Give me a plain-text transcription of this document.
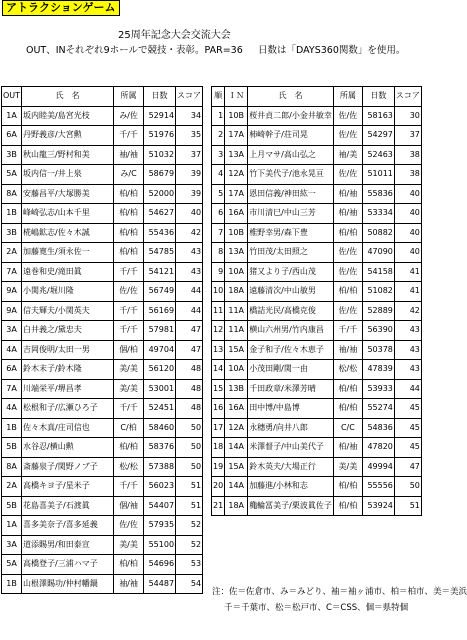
アトラクションゲーム
25周年記念大会交流大会
OUT、INそれぞれ9ホールで競技・表彰。PAR=36 日数は「DAYS360関数」を使用。
OUT	氏　名	所属	日数	スコア
1A	坂内睦美/島宮光枝	み/佐	52914	34
6A	丹野義彦/大宮勲	千/千	51976	35
3B	秋山龍三/野村和美	袖/袖	51032	37
5A	坂内信一/井上泉	み/C	58679	39
8A	安藤昌平/大塚勝美	柏/柏	52000	39
1B	峰崎弘志/山本千里	柏/柏	54627	40
3B	椛嶋鉱志/佐々木誠	柏/柏	55436	42
2A	加藤寛生/須永佐一	柏/柏	54785	43
7A	遠巻和史/滝田眞	千/千	54121	43
9A	小関兆/堀川隆	佐/佐	56749	44
9A	信夫輝夫/小関英夫	千/千	56169	44
3A	白井義之/黛忠夫	千/千	57981	47
4A	吉岡俊明/太田一男	個/柏	49704	47
6A	鈴木末子/鈴木隆	美/美	56120	48
7A	川端栄平/堺昌孝	美/美	53001	48
4A	松根和子/広瀬ひろ子	千/千	52451	48
1B	佐々木真/庄司信也	C/柏	58460	50
5B	水谷忍/横山勲	柏/柏	58376	50
8A	斎藤泉子/関野ノブ子	松/松	57388	50
2A	高橋キヨ子/星米子	千/千	56023	51
5B	花島喜美子/石渡眞	個/袖	54407	51
1A	喜多美奈子/喜多延義	佐/佐	57935	52
3A	道添賜男/和田泰宣	美/美	55100	52
5A	高橋登子/三浦ハマ子	柏/柏	54696	53
1B	山根澤賜功/仲村幡鍋	袖/袖	54487	54
順	ＩＮ	氏　名	所属	日数	スコア
1	10B	桜井貞二郎/小金井敏幸	佐/佐	58163	30
2	17A	柿崎幹子/荘司晃	佐/佐	54297	37
3	13A	上月マサ/高山弘之	袖/美	52463	38
4	12A	竹下美代子/池永晃亘	佐/佐	51011	38
5	17A	恩田信義/神田紘一	柏/袖	55836	40
6	16A	市川清巳/中山三芳	柏/袖	53334	40
7	10B	椎野幸男/森下豊	柏/柏	50882	40
8	13A	竹田茂/太田照之	佐/佐	47090	40
9	10A	猪又より子/西山茂	佐/佐	54158	41
10	18A	遠藤清次/中山敏男	柏/柏	51082	41
11	11A	橋詰光民/高橋克俊	佐/佐	52889	42
12	11A	横山六州男/竹内康昌	千/千	56390	43
13	15A	金子和子/佐々木恵子	袖/袖	50378	43
14	10A	小茂田剛/関一由	松/松	47839	43
15	13B	千田政章/米澤芳晴	柏/柏	53933	44
16	16A	田中博/中島博	柏/柏	55274	45
17	12A	永穗勇/向井八郎	C/C	54836	45
18	14A	米澤督子/中山美代子	柏/袖	47820	45
19	15A	鈴木英夫/大場正行	美/美	49994	47
20	14A	加藤進/小林和志	柏/柏	55556	50
21	18A	穐輪冨美子/栗波眞佐子	柏/柏	53924	51
注：佐＝佐倉市、み＝みどり、袖＝袖ヶ浦市、柏＝柏市、美＝美浜
千＝千葉市、松＝松戸市、C＝CSS、個＝県特個
